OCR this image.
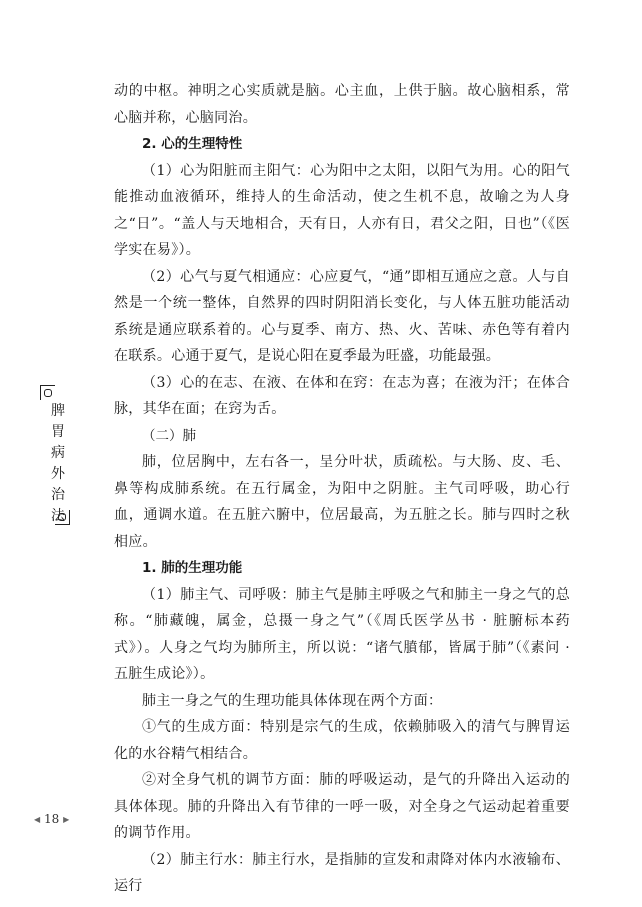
动的中枢。神明之心实质就是脑。心主血，上供于脑。故心脑相系，常心脑并称，心脑同治。

2. 心的生理特性

（1）心为阳脏而主阳气：心为阳中之太阳，以阳气为用。心的阳气能推动血液循环，维持人的生命活动，使之生机不息，故喻之为人身之“日”。“盖人与天地相合，天有日，人亦有日，君父之阳，日也”（《医学实在易》）。

（2）心气与夏气相通应：心应夏气，“通”即相互通应之意。人与自然是一个统一整体，自然界的四时阴阳消长变化，与人体五脏功能活动系统是通应联系着的。心与夏季、南方、热、火、苦味、赤色等有着内在联系。心通于夏气，是说心阳在夏季最为旺盛，功能最强。

（3）心的在志、在液、在体和在窍：在志为喜；在液为汗；在体合脉，其华在面；在窍为舌。

（二）肺

肺，位居胸中，左右各一，呈分叶状，质疏松。与大肠、皮、毛、鼻等构成肺系统。在五行属金，为阳中之阴脏。主气司呼吸，助心行血，通调水道。在五脏六腑中，位居最高，为五脏之长。肺与四时之秋相应。

1. 肺的生理功能

（1）肺主气、司呼吸：肺主气是肺主呼吸之气和肺主一身之气的总称。“肺藏魄，属金，总摄一身之气”（《周氏医学丛书 · 脏腑标本药式》）。人身之气均为肺所主，所以说：“诸气膹郁，皆属于肺”（《素问 · 五脏生成论》）。

肺主一身之气的生理功能具体体现在两个方面：

①气的生成方面：特别是宗气的生成，依赖肺吸入的清气与脾胃运化的水谷精气相结合。

②对全身气机的调节方面：肺的呼吸运动，是气的升降出入运动的具体体现。肺的升降出入有节律的一呼一吸，对全身之气运动起着重要的调节作用。

（2）肺主行水：肺主行水，是指肺的宣发和肃降对体内水液输布、运行

脾
胃
病
外
治
法
◀ 18 ▶
